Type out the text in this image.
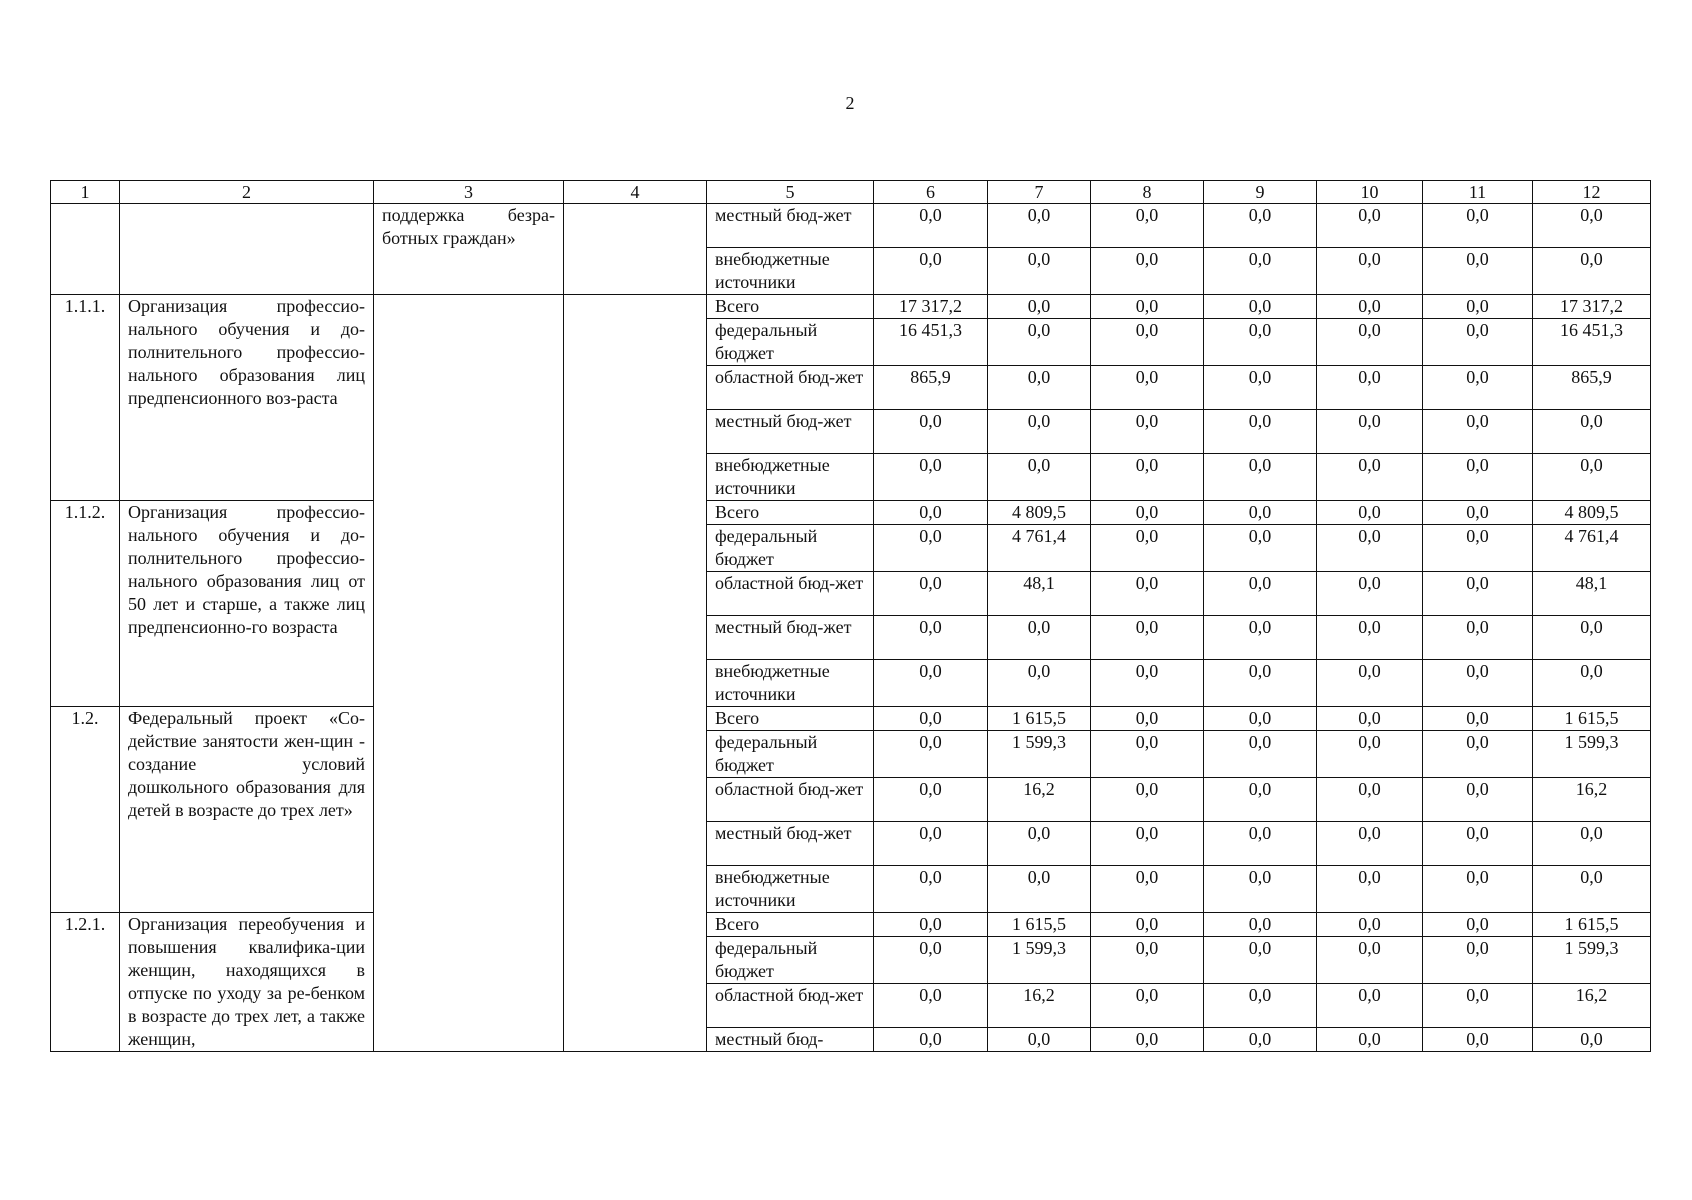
2
1	2	3	4	5	6	7	8	9	10	11	12
		поддержка безра-ботных граждан»		местный бюд-жет	0,0	0,0	0,0	0,0	0,0	0,0	0,0
				внебюджетные источники	0,0	0,0	0,0	0,0	0,0	0,0	0,0
1.1.1.	Организация профессио-нального обучения и до-полнительного профессио-нального образования лиц предпенсионного воз-раста			Всего	17 317,2	0,0	0,0	0,0	0,0	0,0	17 317,2
				федеральный бюджет	16 451,3	0,0	0,0	0,0	0,0	0,0	16 451,3
				областной бюд-жет	865,9	0,0	0,0	0,0	0,0	0,0	865,9
				местный бюд-жет	0,0	0,0	0,0	0,0	0,0	0,0	0,0
				внебюджетные источники	0,0	0,0	0,0	0,0	0,0	0,0	0,0
1.1.2.	Организация профессио-нального обучения и до-полнительного профессио-нального образования лиц от 50 лет и старше, а также лиц предпенсионно-го возраста			Всего	0,0	4 809,5	0,0	0,0	0,0	0,0	4 809,5
				федеральный бюджет	0,0	4 761,4	0,0	0,0	0,0	0,0	4 761,4
				областной бюд-жет	0,0	48,1	0,0	0,0	0,0	0,0	48,1
				местный бюд-жет	0,0	0,0	0,0	0,0	0,0	0,0	0,0
				внебюджетные источники	0,0	0,0	0,0	0,0	0,0	0,0	0,0
1.2.	Федеральный проект «Со-действие занятости жен-щин - создание условий дошкольного образования для детей в возрасте до трех лет»			Всего	0,0	1 615,5	0,0	0,0	0,0	0,0	1 615,5
				федеральный бюджет	0,0	1 599,3	0,0	0,0	0,0	0,0	1 599,3
				областной бюд-жет	0,0	16,2	0,0	0,0	0,0	0,0	16,2
				местный бюд-жет	0,0	0,0	0,0	0,0	0,0	0,0	0,0
				внебюджетные источники	0,0	0,0	0,0	0,0	0,0	0,0	0,0
1.2.1.	Организация переобучения и повышения квалифика-ции женщин, находящихся в отпуске по уходу за ре-бенком в возрасте до трех лет, а также женщин,			Всего	0,0	1 615,5	0,0	0,0	0,0	0,0	1 615,5
				федеральный бюджет	0,0	1 599,3	0,0	0,0	0,0	0,0	1 599,3
				областной бюд-жет	0,0	16,2	0,0	0,0	0,0	0,0	16,2
				местный бюд-	0,0	0,0	0,0	0,0	0,0	0,0	0,0
